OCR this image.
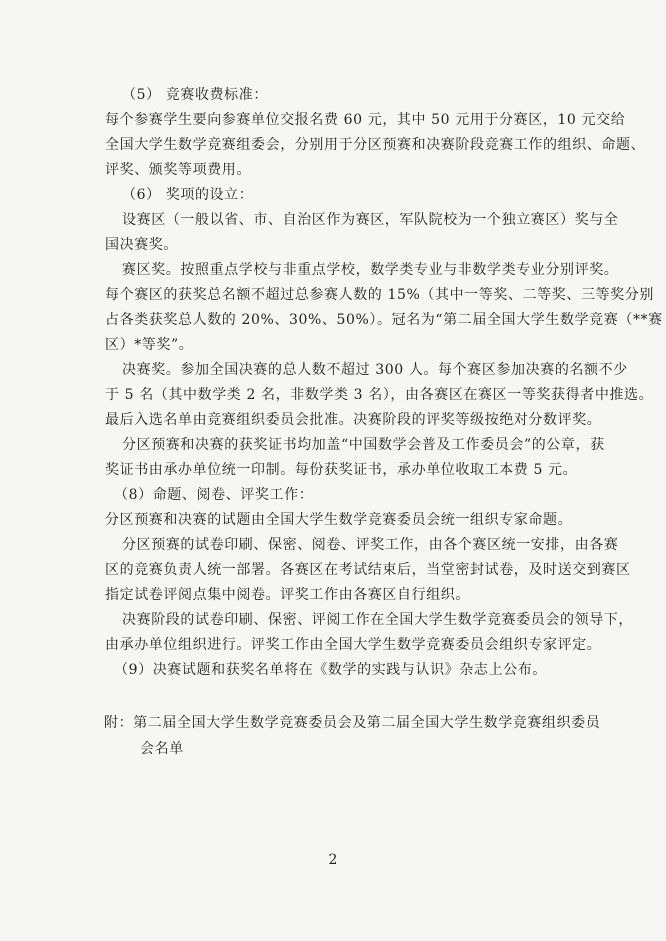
（5） 竞赛收费标准：
每个参赛学生要向参赛单位交报名费 60 元，其中 50 元用于分赛区，10 元交给
全国大学生数学竞赛组委会，分别用于分区预赛和决赛阶段竞赛工作的组织、命题、
评奖、颁奖等项费用。
（6） 奖项的设立：
设赛区（一般以省、市、自治区作为赛区，军队院校为一个独立赛区）奖与全
国决赛奖。
赛区奖。按照重点学校与非重点学校，数学类专业与非数学类专业分别评奖。
每个赛区的获奖总名额不超过总参赛人数的 15%（其中一等奖、二等奖、三等奖分别
占各类获奖总人数的 20%、30%、50%）。冠名为“第二届全国大学生数学竞赛（**赛
区）*等奖”。
决赛奖。参加全国决赛的总人数不超过 300 人。每个赛区参加决赛的名额不少
于 5 名（其中数学类 2 名，非数学类 3 名），由各赛区在赛区一等奖获得者中推选。
最后入选名单由竞赛组织委员会批准。决赛阶段的评奖等级按绝对分数评奖。
分区预赛和决赛的获奖证书均加盖“中国数学会普及工作委员会”的公章，获
奖证书由承办单位统一印制。每份获奖证书，承办单位收取工本费 5 元。
（8）命题、阅卷、评奖工作：
分区预赛和决赛的试题由全国大学生数学竞赛委员会统一组织专家命题。
分区预赛的试卷印刷、保密、阅卷、评奖工作，由各个赛区统一安排，由各赛
区的竞赛负责人统一部署。各赛区在考试结束后，当堂密封试卷，及时送交到赛区
指定试卷评阅点集中阅卷。评奖工作由各赛区自行组织。
决赛阶段的试卷印刷、保密、评阅工作在全国大学生数学竞赛委员会的领导下，
由承办单位组织进行。评奖工作由全国大学生数学竞赛委员会组织专家评定。
（9）决赛试题和获奖名单将在《数学的实践与认识》杂志上公布。
附：第二届全国大学生数学竞赛委员会及第二届全国大学生数学竞赛组织委员
会名单
2
